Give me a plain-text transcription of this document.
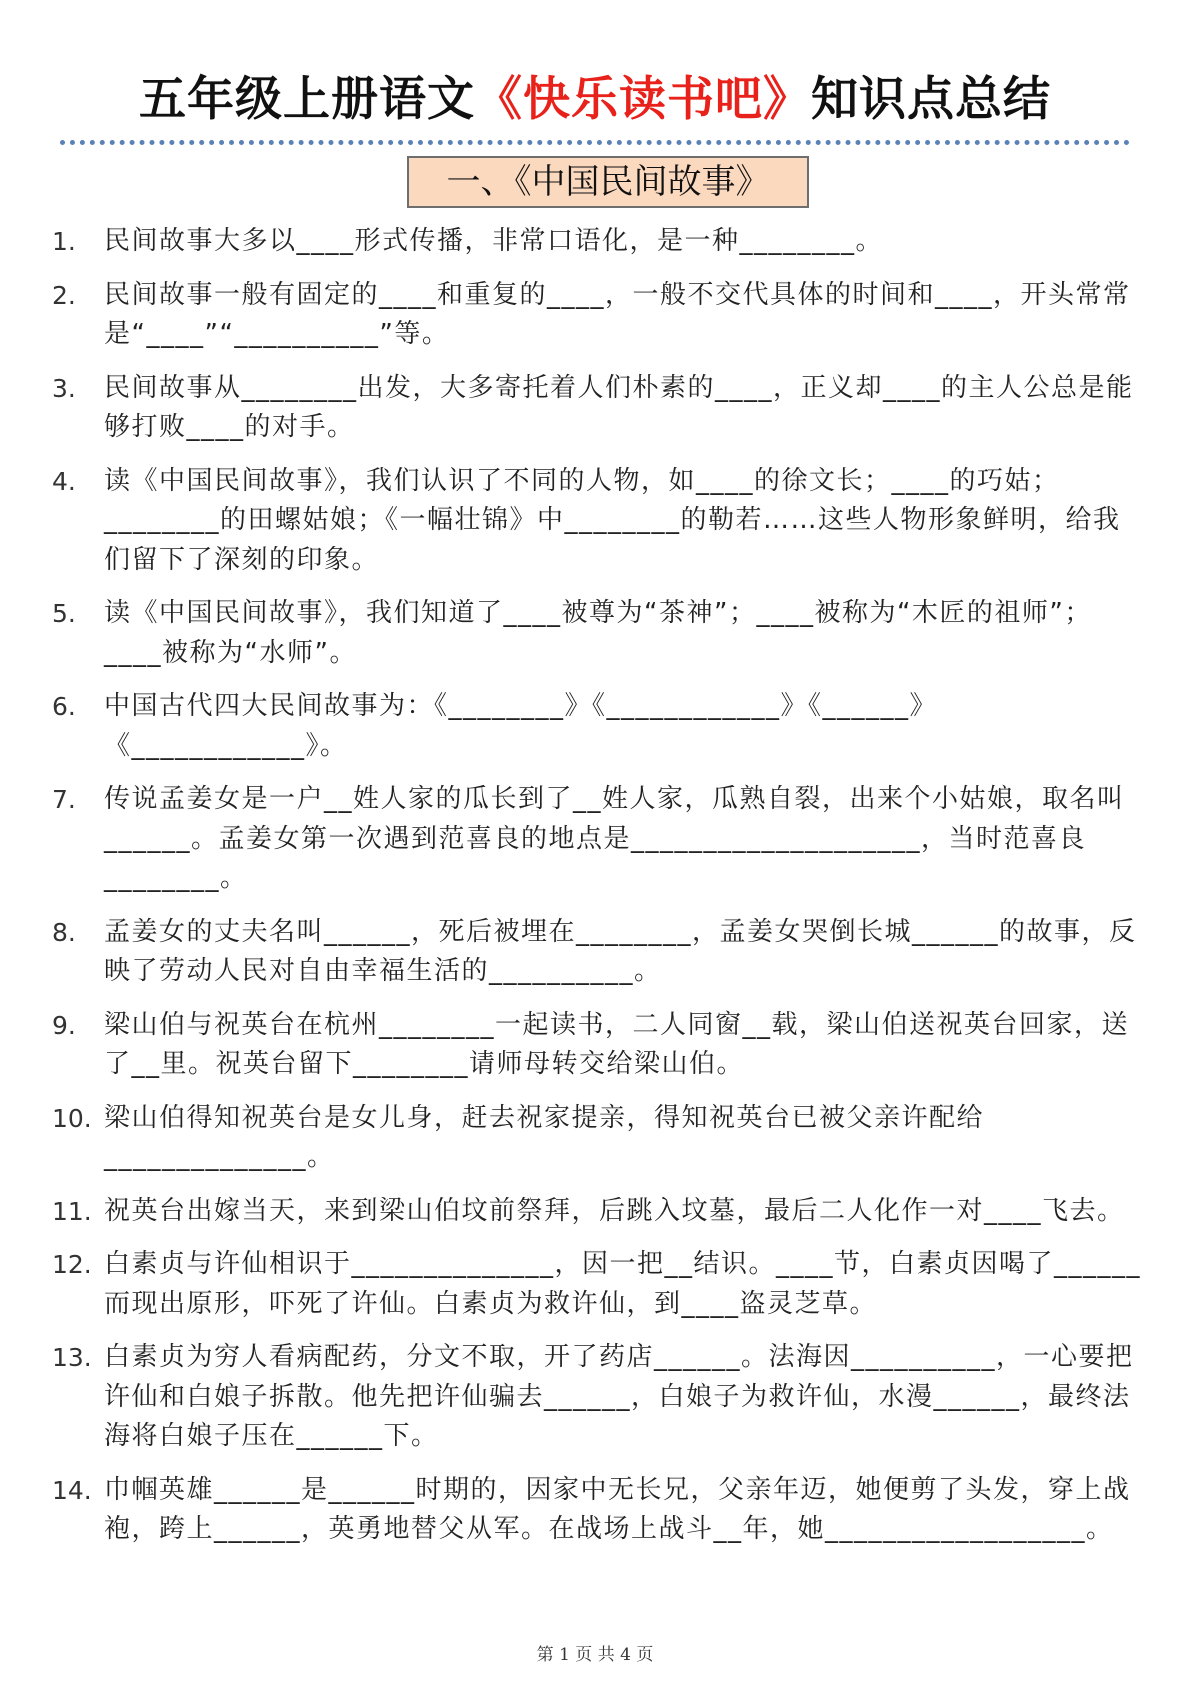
五年级上册语文《快乐读书吧》知识点总结
一、《中国民间故事》
1. 民间故事大多以____形式传播，非常口语化，是一种________。
2. 民间故事一般有固定的____和重复的____，一般不交代具体的时间和____，开头常常是“____”“__________”等。
3. 民间故事从________出发，大多寄托着人们朴素的____，正义却____的主人公总是能够打败____的对手。
4. 读《中国民间故事》，我们认识了不同的人物，如____的徐文长；____的巧姑；________的田螺姑娘；《一幅壮锦》中________的勒若……这些人物形象鲜明，给我们留下了深刻的印象。
5. 读《中国民间故事》，我们知道了____被尊为“茶神”；____被称为“木匠的祖师”；____被称为“水师”。
6. 中国古代四大民间故事为：《________》《____________》《______》《____________》。
7. 传说孟姜女是一户__姓人家的瓜长到了__姓人家，瓜熟自裂，出来个小姑娘，取名叫______。孟姜女第一次遇到范喜良的地点是____________________，当时范喜良________。
8. 孟姜女的丈夫名叫______，死后被埋在________，孟姜女哭倒长城______的故事，反映了劳动人民对自由幸福生活的__________。
9. 梁山伯与祝英台在杭州________一起读书，二人同窗__载，梁山伯送祝英台回家，送了__里。祝英台留下________请师母转交给梁山伯。
10. 梁山伯得知祝英台是女儿身，赶去祝家提亲，得知祝英台已被父亲许配给______________。
11. 祝英台出嫁当天，来到梁山伯坟前祭拜，后跳入坟墓，最后二人化作一对____飞去。
12. 白素贞与许仙相识于______________，因一把__结识。____节，白素贞因喝了______而现出原形，吓死了许仙。白素贞为救许仙，到____盗灵芝草。
13. 白素贞为穷人看病配药，分文不取，开了药店______。法海因__________，一心要把许仙和白娘子拆散。他先把许仙骗去______，白娘子为救许仙，水漫______，最终法海将白娘子压在______下。
14. 巾帼英雄______是______时期的，因家中无长兄，父亲年迈，她便剪了头发，穿上战袍，跨上______，英勇地替父从军。在战场上战斗__年，她__________________。
第 1 页 共 4 页
